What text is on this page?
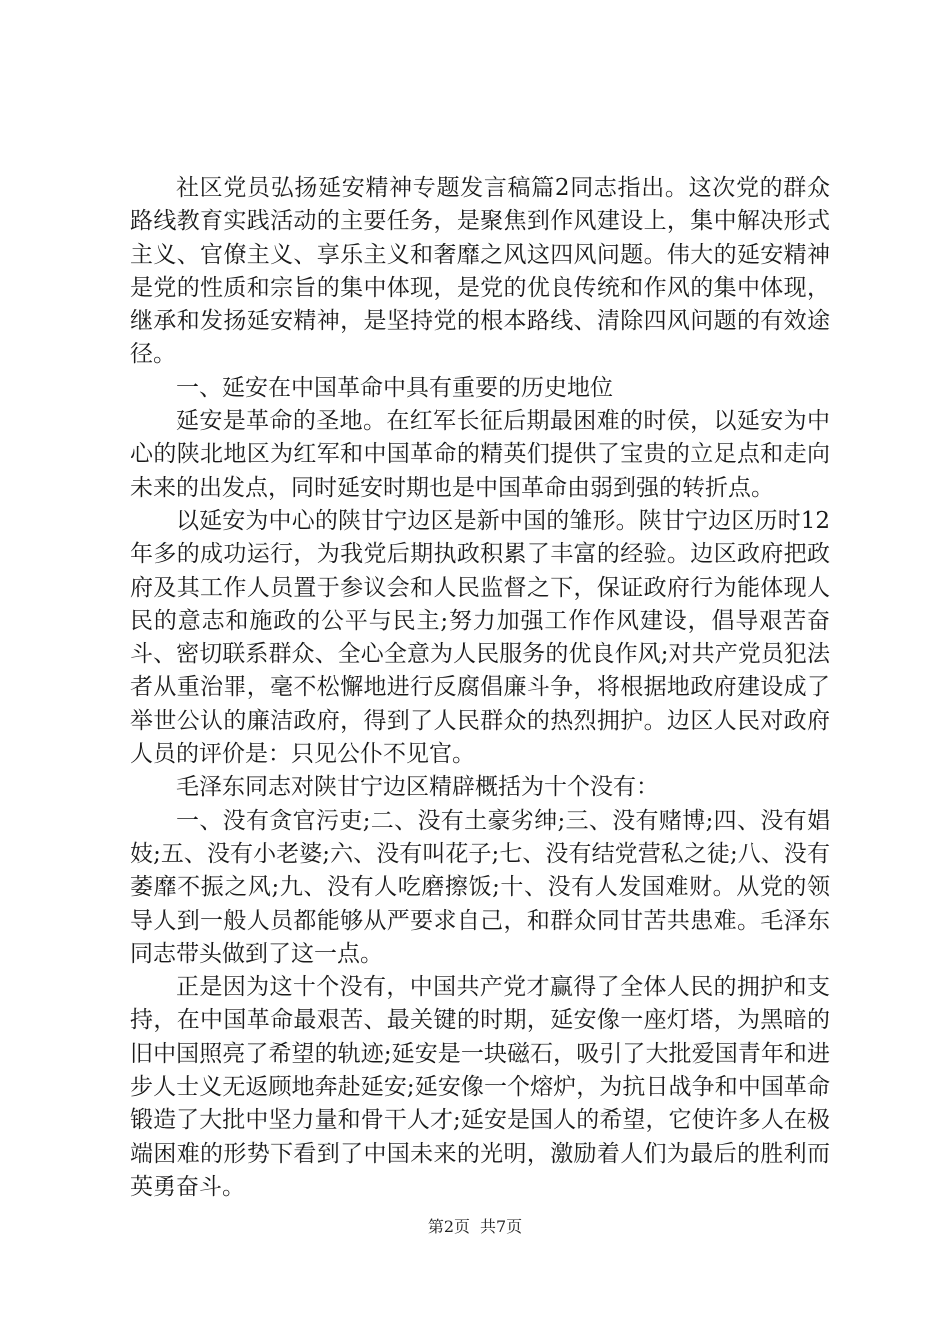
社区党员弘扬延安精神专题发言稿篇2同志指出。这次党的群众路线教育实践活动的主要任务，是聚焦到作风建设上，集中解决形式主义、官僚主义、享乐主义和奢靡之风这四风问题。伟大的延安精神是党的性质和宗旨的集中体现，是党的优良传统和作风的集中体现，继承和发扬延安精神，是坚持党的根本路线、清除四风问题的有效途径。

一、延安在中国革命中具有重要的历史地位

延安是革命的圣地。在红军长征后期最困难的时侯，以延安为中心的陕北地区为红军和中国革命的精英们提供了宝贵的立足点和走向未来的出发点，同时延安时期也是中国革命由弱到强的转折点。

以延安为中心的陕甘宁边区是新中国的雏形。陕甘宁边区历时12年多的成功运行，为我党后期执政积累了丰富的经验。边区政府把政府及其工作人员置于参议会和人民监督之下，保证政府行为能体现人民的意志和施政的公平与民主;努力加强工作作风建设，倡导艰苦奋斗、密切联系群众、全心全意为人民服务的优良作风;对共产党员犯法者从重治罪，毫不松懈地进行反腐倡廉斗争，将根据地政府建设成了举世公认的廉洁政府，得到了人民群众的热烈拥护。边区人民对政府人员的评价是：只见公仆不见官。

毛泽东同志对陕甘宁边区精辟概括为十个没有：

一、没有贪官污吏;二、没有土豪劣绅;三、没有赌博;四、没有娼妓;五、没有小老婆;六、没有叫花子;七、没有结党营私之徒;八、没有萎靡不振之风;九、没有人吃磨擦饭;十、没有人发国难财。从党的领导人到一般人员都能够从严要求自己，和群众同甘苦共患难。毛泽东同志带头做到了这一点。

正是因为这十个没有，中国共产党才赢得了全体人民的拥护和支持，在中国革命最艰苦、最关键的时期，延安像一座灯塔，为黑暗的旧中国照亮了希望的轨迹;延安是一块磁石，吸引了大批爱国青年和进步人士义无返顾地奔赴延安;延安像一个熔炉，为抗日战争和中国革命锻造了大批中坚力量和骨干人才;延安是国人的希望，它使许多人在极端困难的形势下看到了中国未来的光明，激励着人们为最后的胜利而英勇奋斗。

第2页 共7页
